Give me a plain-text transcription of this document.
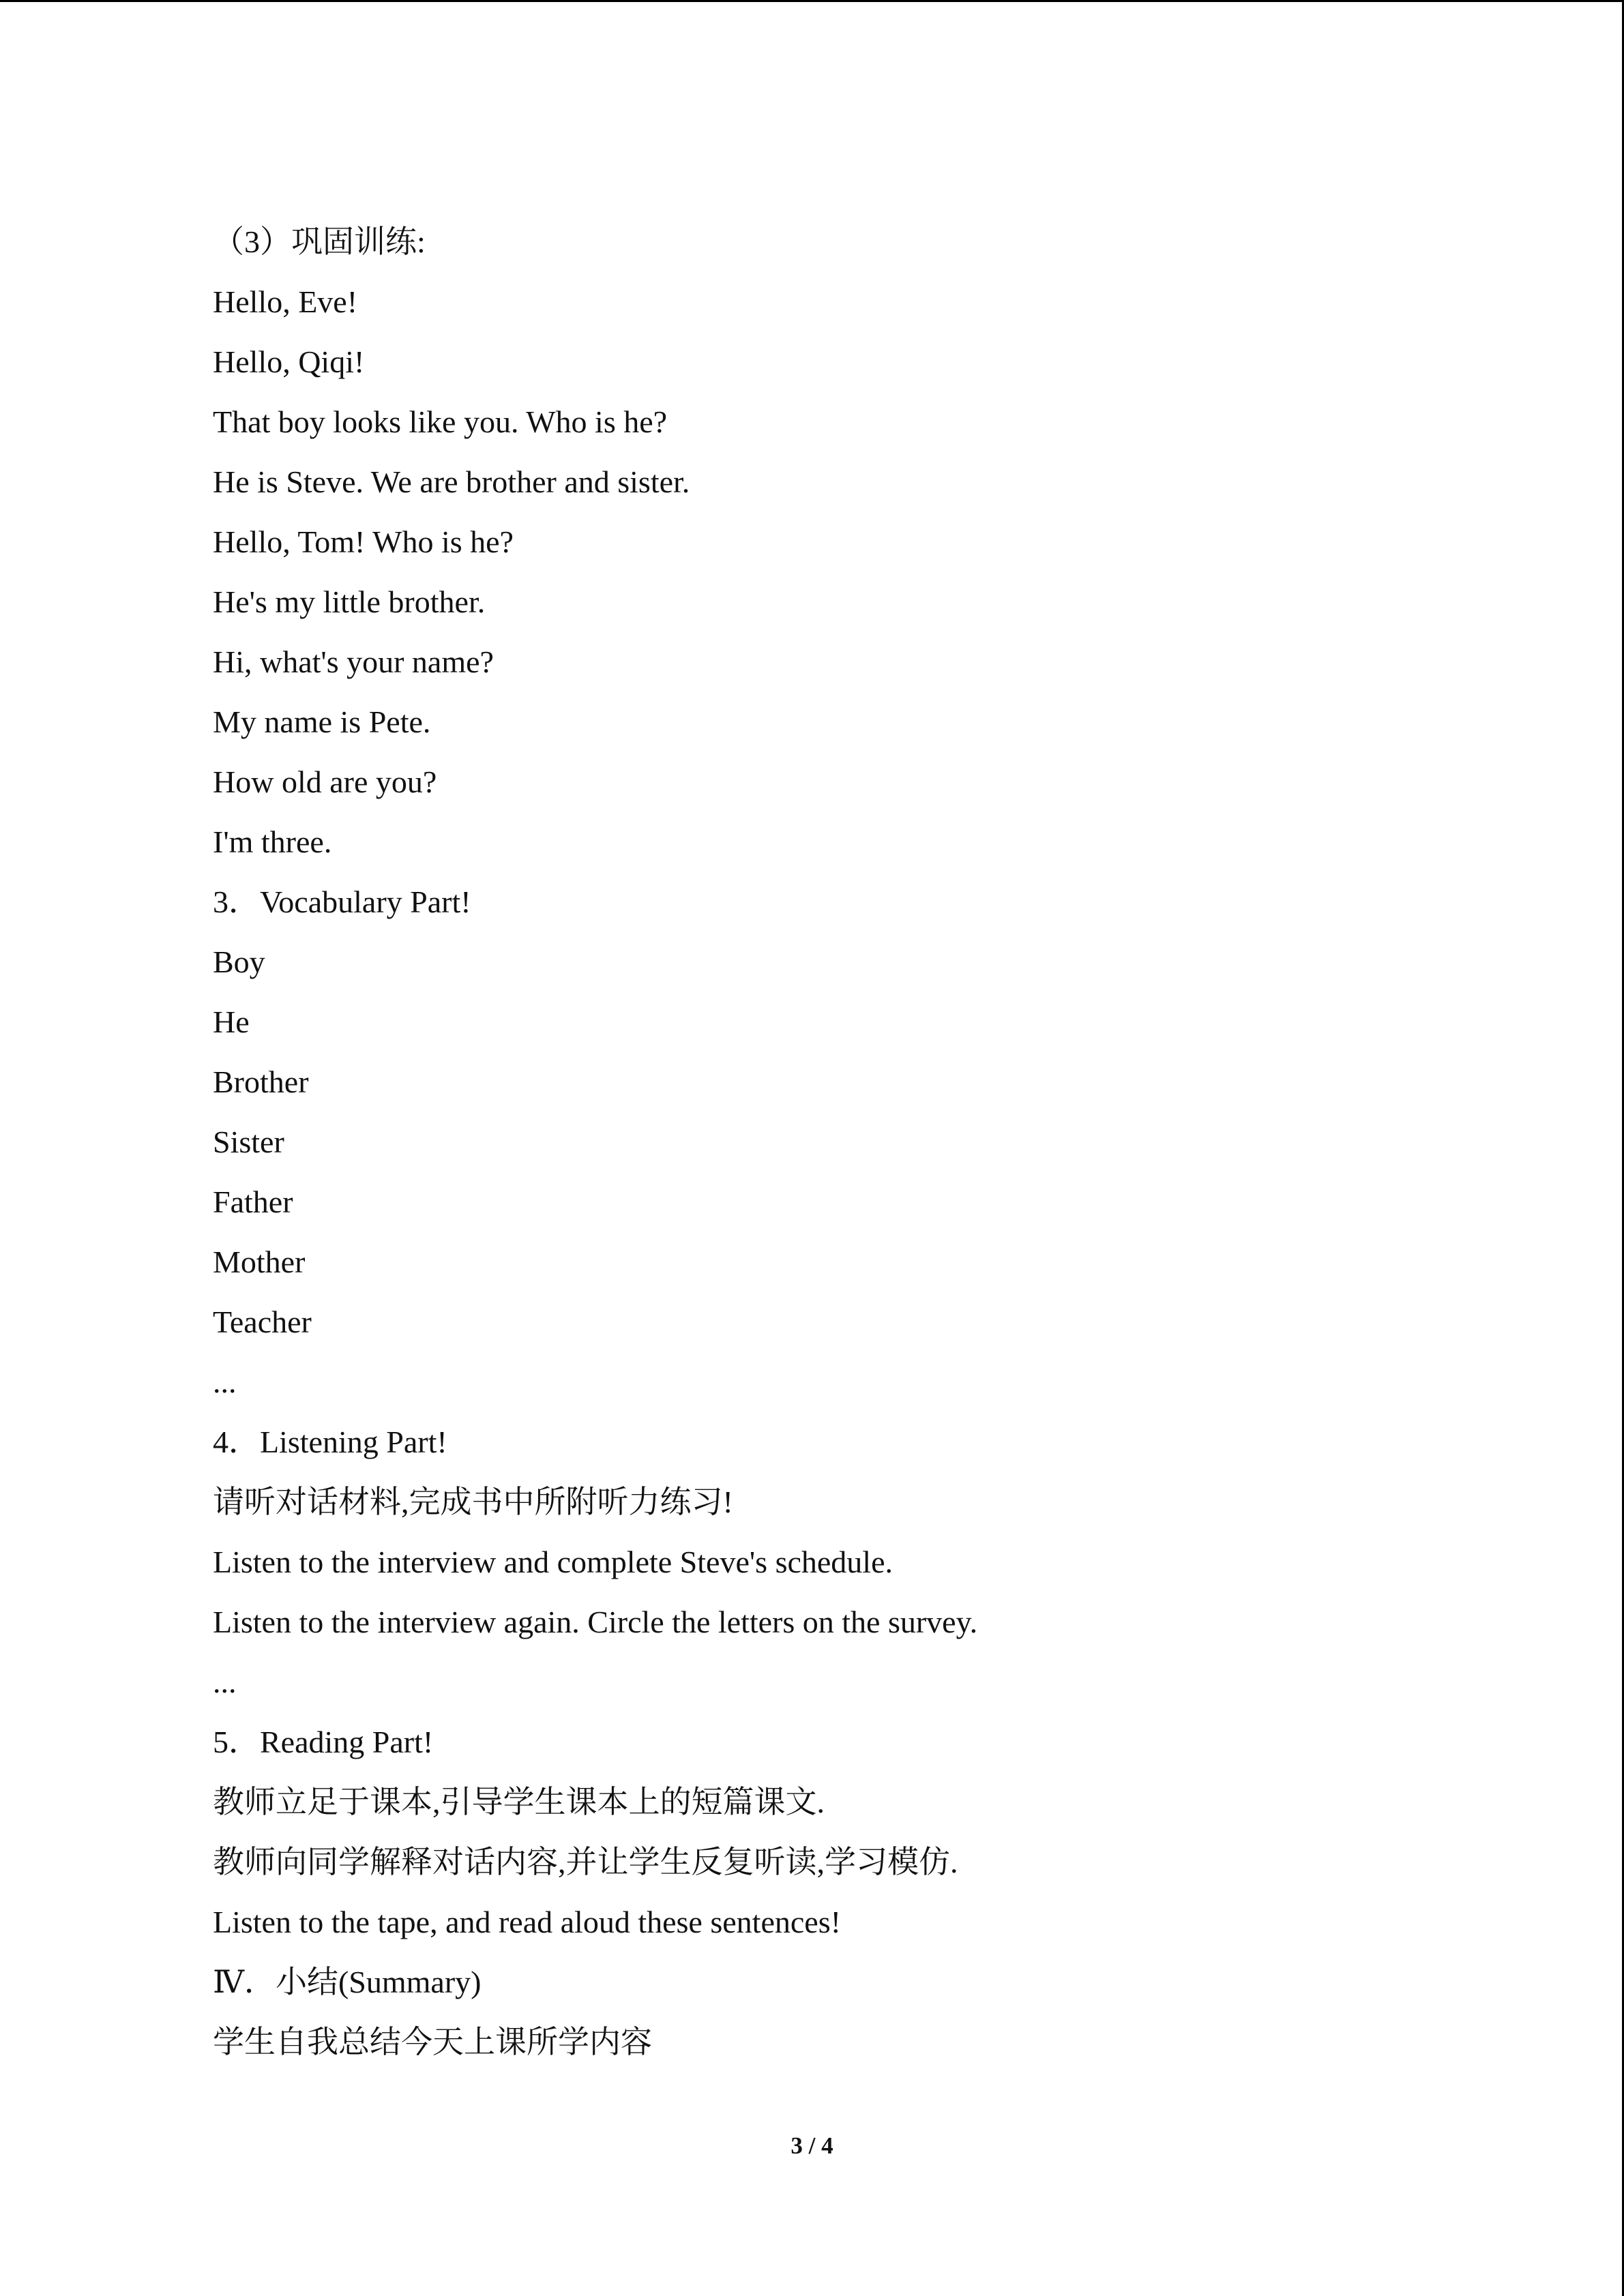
（3）巩固训练:
Hello, Eve!
Hello, Qiqi!
That boy looks like you. Who is he?
He is Steve. We are brother and sister.
Hello, Tom! Who is he?
He's my little brother.
Hi, what's your name?
My name is Pete.
How old are you?
I'm three.
3．Vocabulary Part!
Boy
He
Brother
Sister
Father
Mother
Teacher
...
4．Listening Part!
请听对话材料,完成书中所附听力练习!
Listen to the interview and complete Steve's schedule.
Listen to the interview again. Circle the letters on the survey.
...
5．Reading Part!
教师立足于课本,引导学生课本上的短篇课文.
教师向同学解释对话内容,并让学生反复听读,学习模仿.
Listen to the tape, and read aloud these sentences!
Ⅳ．小结(Summary)
学生自我总结今天上课所学内容
3 / 4
